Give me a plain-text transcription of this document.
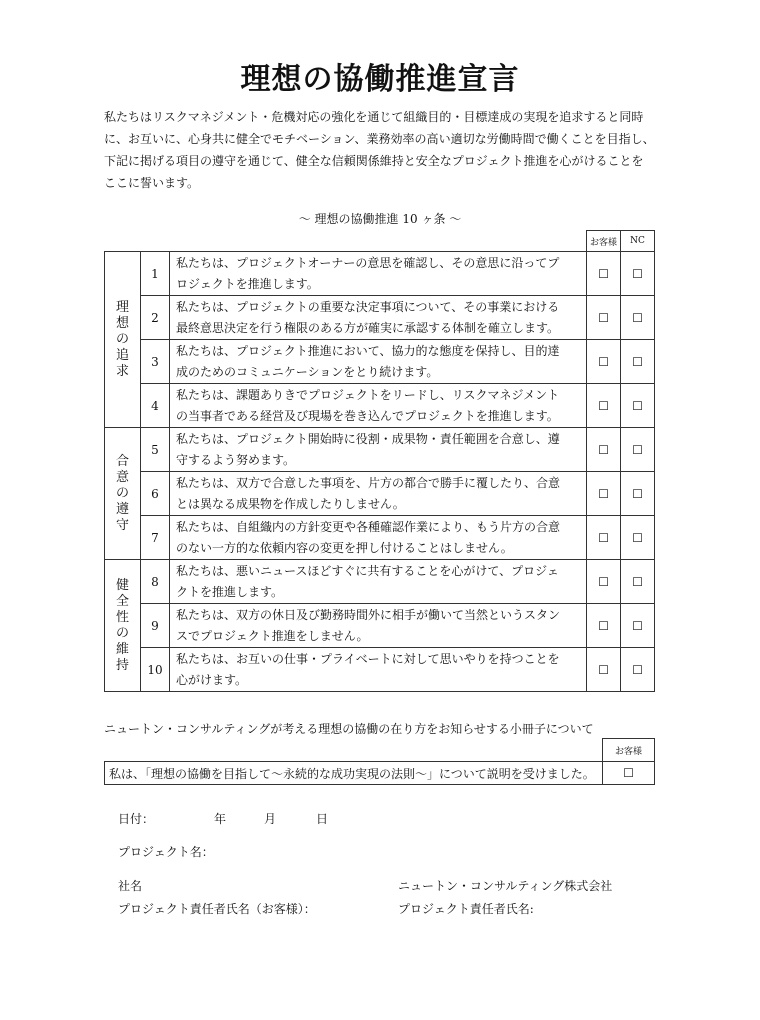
理想の協働推進宣言

私たちはリスクマネジメント・危機対応の強化を通じて組織目的・目標達成の実現を追求すると同時

に、お互いに、心身共に健全でモチベーション、業務効率の高い適切な労働時間で働くことを目指し、

下記に掲げる項目の遵守を通じて、健全な信頼関係維持と安全なプロジェクト推進を心がけることを

ここに誓います。

～ 理想の協働推進 10 ヶ条 ～
			お客様	NC
理想の追求	1	私たちは、プロジェクトオーナーの意思を確認し、その意思に沿ってプ
ロジェクトを推進します。	☐	☐
	2	私たちは、プロジェクトの重要な決定事項について、その事業における
最終意思決定を行う権限のある方が確実に承認する体制を確立します。	☐	☐
	3	私たちは、プロジェクト推進において、協力的な態度を保持し、目的達
成のためのコミュニケーションをとり続けます。	☐	☐
	4	私たちは、課題ありきでプロジェクトをリードし、リスクマネジメント
の当事者である経営及び現場を巻き込んでプロジェクトを推進します。	☐	☐
合意の遵守	5	私たちは、プロジェクト開始時に役割・成果物・責任範囲を合意し、遵
守するよう努めます。	☐	☐
	6	私たちは、双方で合意した事項を、片方の都合で勝手に覆したり、合意
とは異なる成果物を作成したりしません。	☐	☐
	7	私たちは、自組織内の方針変更や各種確認作業により、もう片方の合意
のない一方的な依頼内容の変更を押し付けることはしません。	☐	☐
健全性の維持	8	私たちは、悪いニュースほどすぐに共有することを心がけて、プロジェ
クトを推進します。	☐	☐
	9	私たちは、双方の休日及び勤務時間外に相手が働いて当然というスタン
スでプロジェクト推進をしません。	☐	☐
	10	私たちは、お互いの仕事・プライベートに対して思いやりを持つことを
心がけます。	☐	☐
ニュートン・コンサルティングが考える理想の協働の在り方をお知らせする小冊子について
	お客様
私は、「理想の協働を目指して～永続的な成功実現の法則～」について説明を受けました。	☐
日付：	年	月	日
プロジェクト名：
社名
プロジェクト責任者氏名（お客様）：
ニュートン・コンサルティング株式会社
プロジェクト責任者氏名:
